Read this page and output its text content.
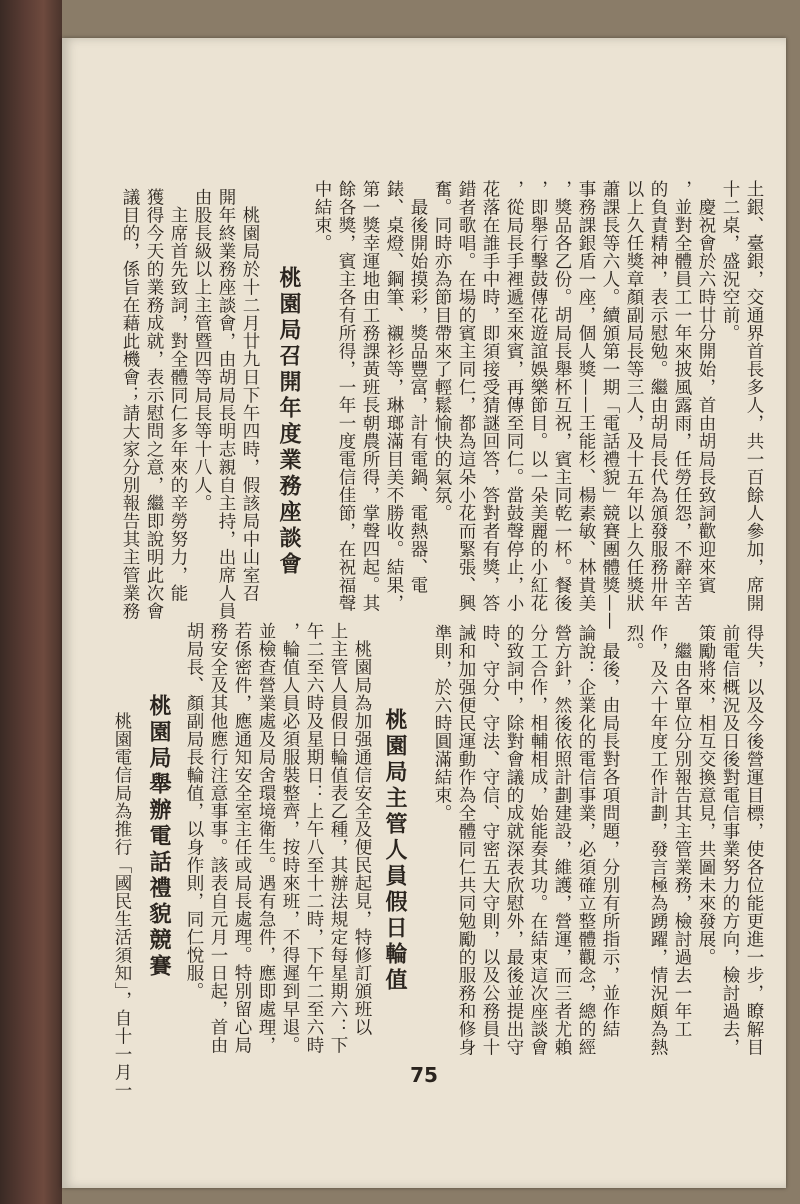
土銀、臺銀，交通界首長多人，共一百餘人參加，席開
十二桌，盛況空前。
　慶祝會於六時廿分開始，首由胡局長致詞歡迎來賓
，並對全體員工一年來披風露雨，任勞任怨，不辭辛苦
的負責精神，表示慰勉。繼由胡局長代為頒發服務卅年
以上久任獎章顏副局長等三人，及十五年以上久任獎狀
蕭課長等六人。續頒第一期「電話禮貌」競賽團體獎——
事務課銀盾一座，個人獎——王能杉、楊素敏、林貴美
，獎品各乙份。胡局長舉杯互祝，賓主同乾一杯。餐後
，即舉行擊鼓傳花遊誼娛樂節目。以一朵美麗的小紅花
，從局長手裡遞至來賓，再傳至同仁。當鼓聲停止，小
花落在誰手中時，即須接受猜謎回答，答對者有獎，答
錯者歌唱。在場的賓主同仁，都為這朵小花而緊張、興
奮。同時亦為節目帶來了輕鬆愉快的氣氛。
　最後開始摸彩，獎品豐富，計有電鍋、電熱器、電
錶、桌燈、鋼筆、襯衫等，琳瑯滿目美不勝收。結果，
第一獎幸運地由工務課黃班長朝農所得，掌聲四起。其
餘各獎，賓主各有所得，一年一度電信佳節，在祝福聲
中結束。
桃園局召開年度業務座談會
　桃園局於十二月廿九日下午四時，假該局中山室召
開年終業務座談會，由胡局長明志親自主持，出席人員
由股長級以上主管暨四等局長等十八人。
　主席首先致詞，對全體同仁多年來的辛勞努力，能
獲得今天的業務成就，表示慰問之意，繼即說明此次會
議目的，係旨在藉此機會；請大家分別報告其主管業務
得失，以及今後營運目標，使各位能更進一步，瞭解目
前電信概況及日後對電信事業努力的方向，檢討過去，
策勵將來，相互交換意見，共圖未來發展。
　繼由各單位分別報告其主管業務，檢討過去一年工
作，及六十年度工作計劃，發言極為踴躍，情況頗為熱
烈。
　最後，由局長對各項問題，分別有所指示，並作結
論說：企業化的電信事業，必須確立整體觀念，總的經
營方針，然後依照計劃建設，維護，營運，而三者尤賴
分工合作，相輔相成，始能奏其功。在結束這次座談會
的致詞中，除對會議的成就深表欣慰外，最後並提出守
時、守分、守法、守信、守密五大守則，以及公務員十
誡和加强便民運動作為全體同仁共同勉勵的服務和修身
準則，於六時圓滿結束。
桃園局主管人員假日輪值
　桃園局為加强通信安全及便民起見，特修訂頒班以
上主管人員假日輪值表乙種，其辦法規定每星期六：下
午二至六時及星期日：上午八至十二時，下午二至六時
，輪值人員必須服裝整齊，按時來班，不得遲到早退。
並檢查營業處及局舍環境衛生。遇有急件，應即處理，
若係密件，應通知安全室主任或局長處理。特別留心局
務安全及其他應行注意事事。該表自元月一日起，首由
胡局長、顏副局長輪值，以身作則，同仁悅服。
桃園局舉辦電話禮貌競賽
　桃園電信局為推行「國民生活須知」，自十一月一	75
